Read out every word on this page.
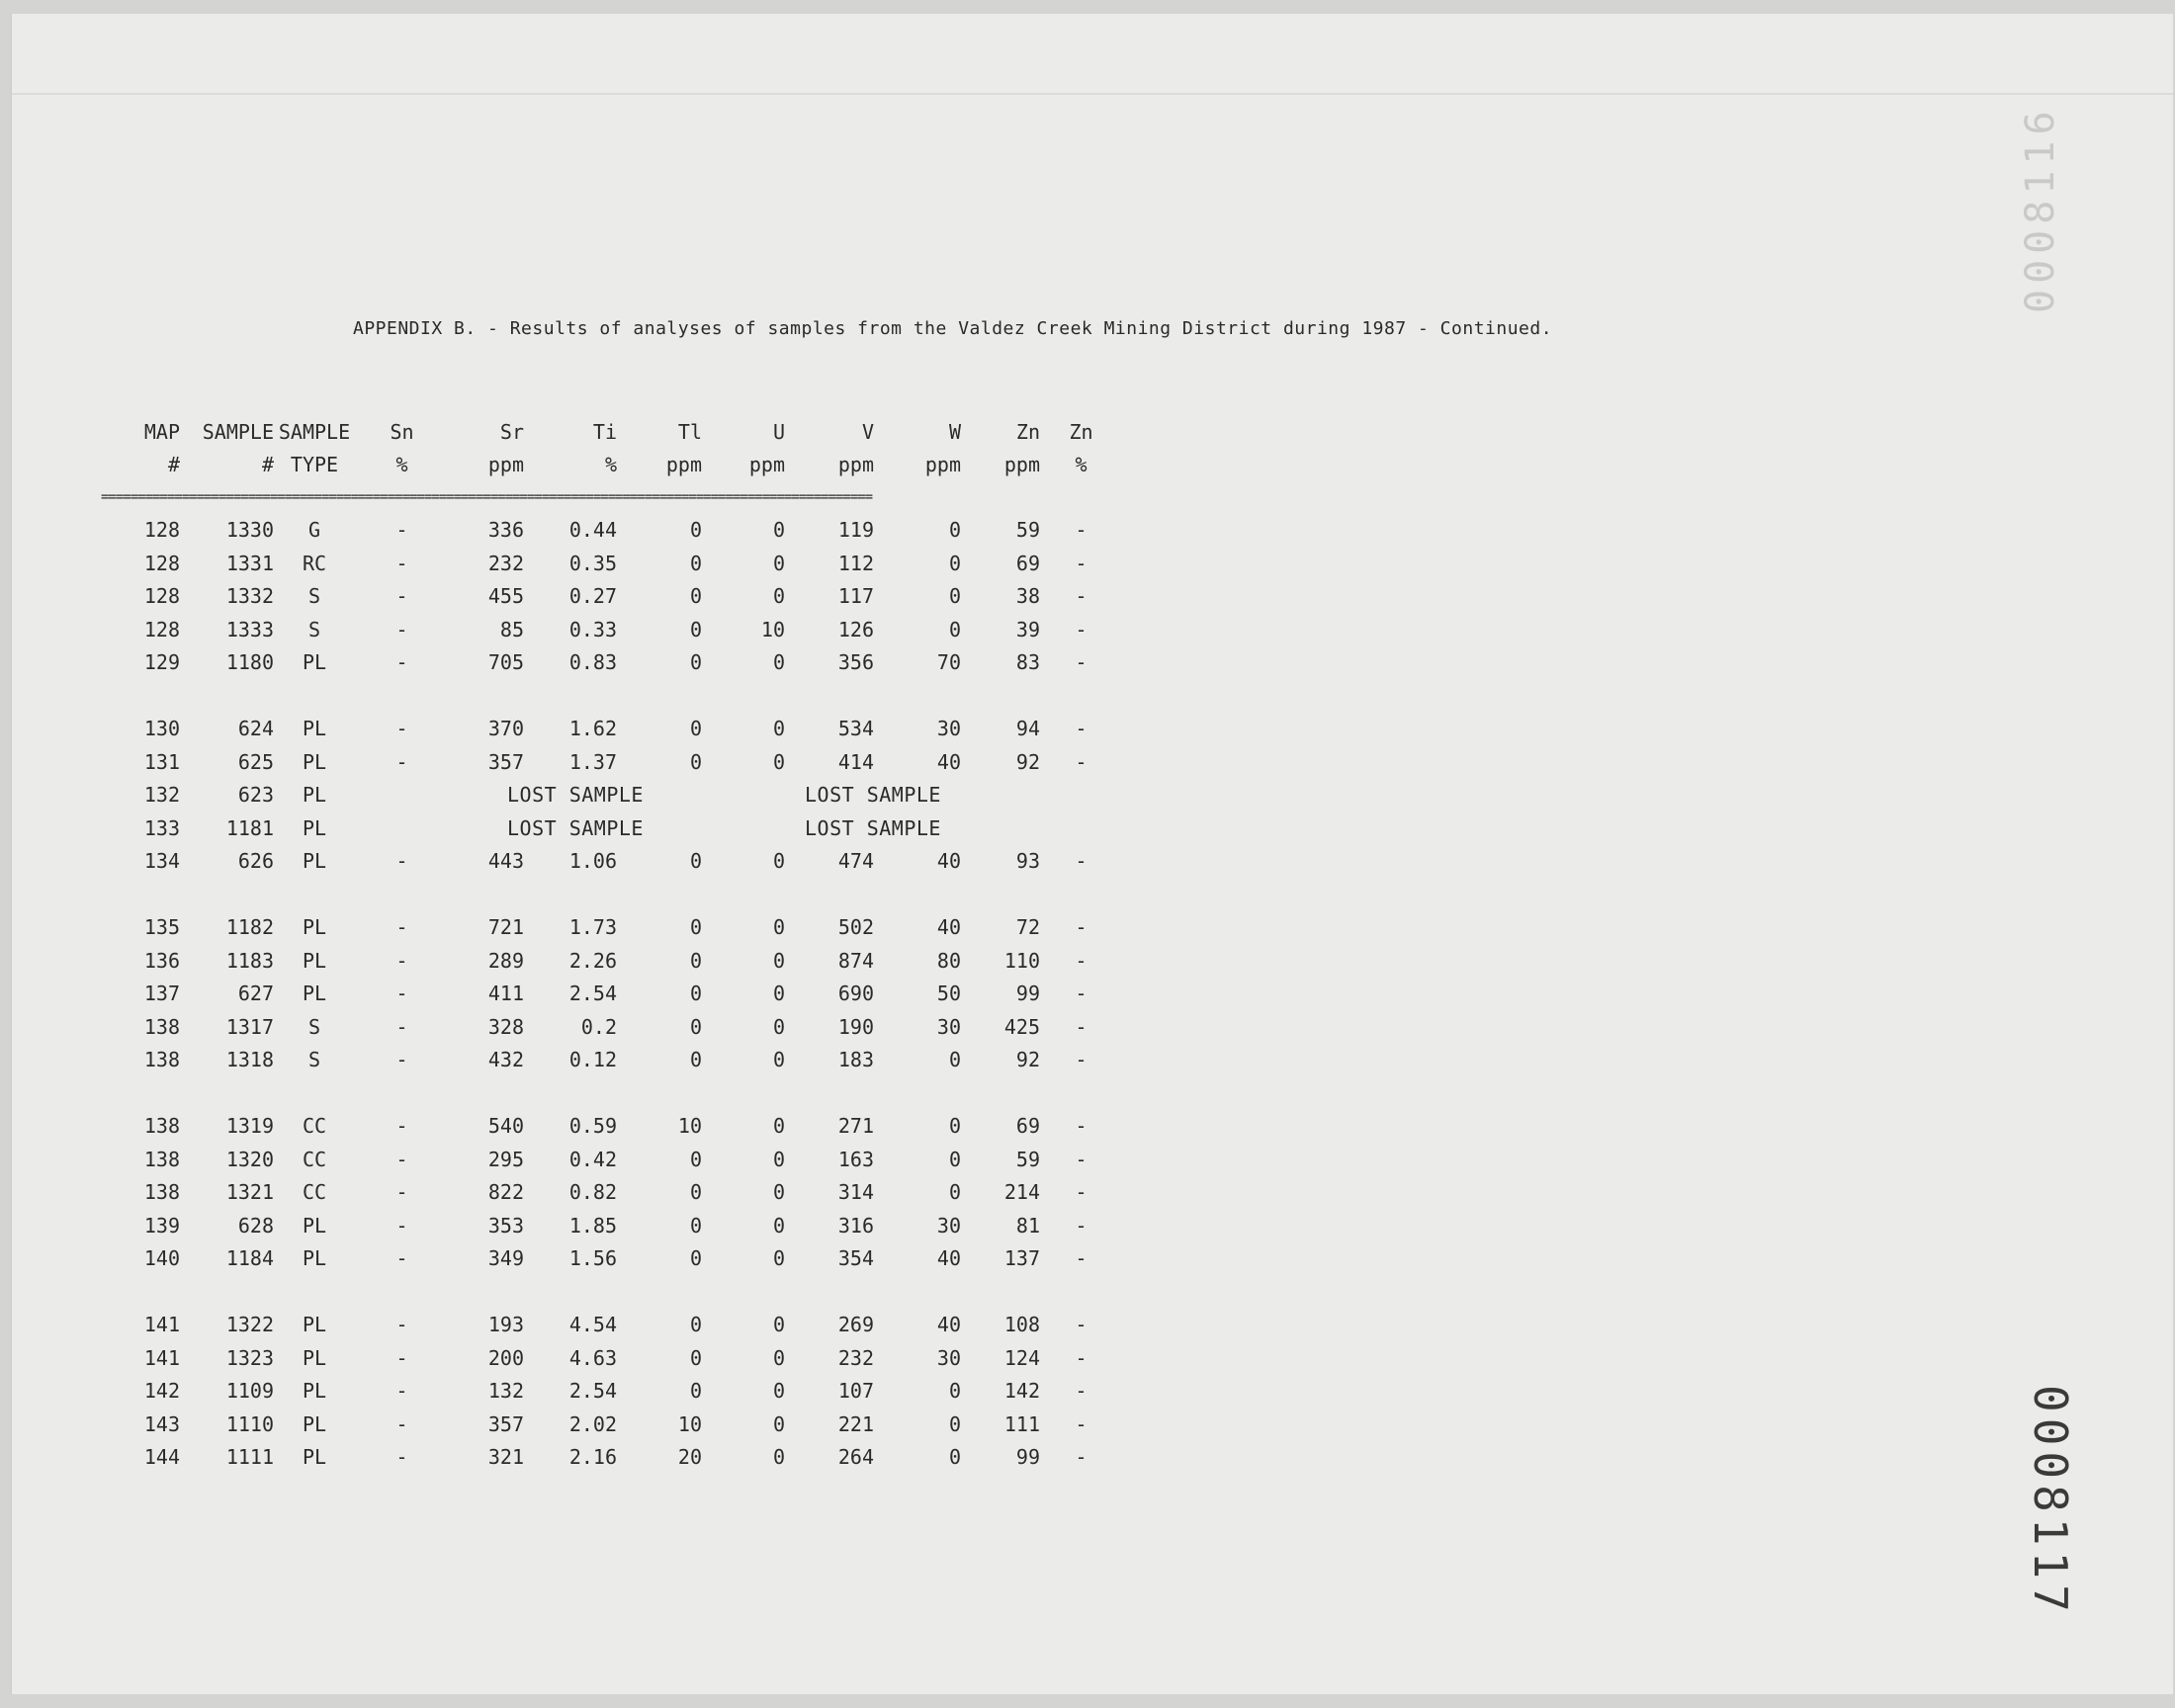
APPENDIX B. - Results of analyses of samples from the Valdez Creek Mining District during 1987 - Continued.
MAP	SAMPLE	SAMPLE	Sn	Sr	Ti	Tl	U	V	W	Zn	Zn
#	#	TYPE	%	ppm	%	ppm	ppm	ppm	ppm	ppm	%
=========================================================================================================											
128	1330	G	-	336	0.44	0	0	119	0	59	-
128	1331	RC	-	232	0.35	0	0	112	0	69	-
128	1332	S	-	455	0.27	0	0	117	0	38	-
128	1333	S	-	85	0.33	0	10	126	0	39	-
129	1180	PL	-	705	0.83	0	0	356	70	83	-

130	624	PL	-	370	1.62	0	0	534	30	94	-
131	625	PL	-	357	1.37	0	0	414	40	92	-
132	623	PL		LOST SAMPLE				LOST SAMPLE			
133	1181	PL		LOST SAMPLE				LOST SAMPLE			
134	626	PL	-	443	1.06	0	0	474	40	93	-

135	1182	PL	-	721	1.73	0	0	502	40	72	-
136	1183	PL	-	289	2.26	0	0	874	80	110	-
137	627	PL	-	411	2.54	0	0	690	50	99	-
138	1317	S	-	328	0.2	0	0	190	30	425	-
138	1318	S	-	432	0.12	0	0	183	0	92	-

138	1319	CC	-	540	0.59	10	0	271	0	69	-
138	1320	CC	-	295	0.42	0	0	163	0	59	-
138	1321	CC	-	822	0.82	0	0	314	0	214	-
139	628	PL	-	353	1.85	0	0	316	30	81	-
140	1184	PL	-	349	1.56	0	0	354	40	137	-

141	1322	PL	-	193	4.54	0	0	269	40	108	-
141	1323	PL	-	200	4.63	0	0	232	30	124	-
142	1109	PL	-	132	2.54	0	0	107	0	142	-
143	1110	PL	-	357	2.02	10	0	221	0	111	-
144	1111	PL	-	321	2.16	20	0	264	0	99	-	0008117
0008116
